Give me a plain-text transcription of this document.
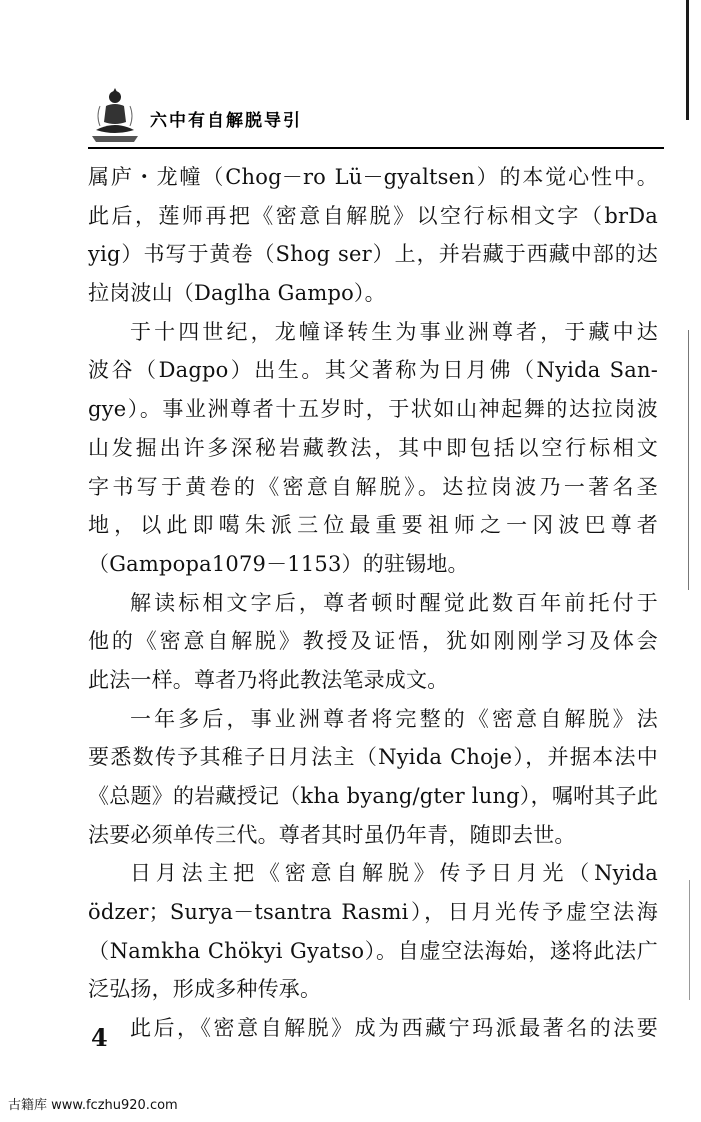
六中有自解脱导引
属庐・龙幢（Chog－ro Lü－gyaltsen）的本觉心性中。
此后，莲师再把《密意自解脱》以空行标相文字（brDa
yig）书写于黄卷（Shog ser）上，并岩藏于西藏中部的达
拉岗波山（Daglha Gampo）。
于十四世纪，龙幢译转生为事业洲尊者，于藏中达
波谷（Dagpo）出生。其父著称为日月佛（Nyida San-
gye）。事业洲尊者十五岁时，于状如山神起舞的达拉岗波
山发掘出许多深秘岩藏教法，其中即包括以空行标相文
字书写于黄卷的《密意自解脱》。达拉岗波乃一著名圣
地，以此即噶朱派三位最重要祖师之一冈波巴尊者
（Gampopa1079－1153）的驻锡地。
解读标相文字后，尊者顿时醒觉此数百年前托付于
他的《密意自解脱》教授及证悟，犹如刚刚学习及体会
此法一样。尊者乃将此教法笔录成文。
一年多后，事业洲尊者将完整的《密意自解脱》法
要悉数传予其稚子日月法主（Nyida Choje），并据本法中
《总题》的岩藏授记（kha byang/gter lung），嘱咐其子此
法要必须单传三代。尊者其时虽仍年青，随即去世。
日月法主把《密意自解脱》传予日月光（Nyida
ödzer；Surya－tsantra Rasmi），日月光传予虚空法海
（Namkha Chökyi Gyatso）。自虚空法海始，遂将此法广
泛弘扬，形成多种传承。
此后，《密意自解脱》成为西藏宁玛派最著名的法要
4
古籍库 www.fczhu920.com
